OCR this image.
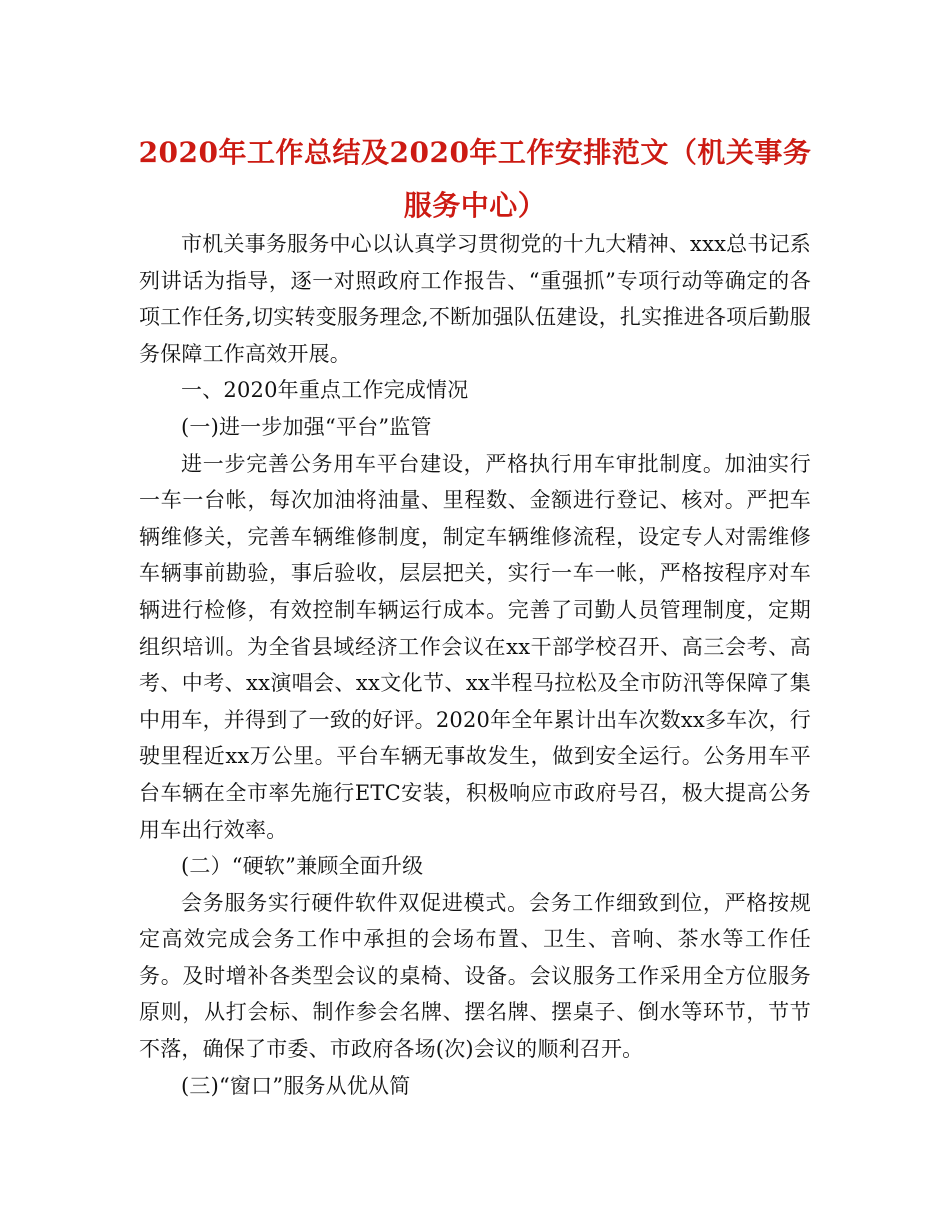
2020年工作总结及2020年工作安排范文（机关事务服务中心）

市机关事务服务中心以认真学习贯彻党的十九大精神、xxx总书记系列讲话为指导，逐一对照政府工作报告、“重强抓”专项行动等确定的各项工作任务,切实转变服务理念,不断加强队伍建设，扎实推进各项后勤服务保障工作高效开展。

一、2020年重点工作完成情况

(一)进一步加强“平台”监管

进一步完善公务用车平台建设，严格执行用车审批制度。加油实行一车一台帐，每次加油将油量、里程数、金额进行登记、核对。严把车辆维修关，完善车辆维修制度，制定车辆维修流程，设定专人对需维修车辆事前勘验，事后验收，层层把关，实行一车一帐，严格按程序对车辆进行检修，有效控制车辆运行成本。完善了司勤人员管理制度，定期组织培训。为全省县域经济工作会议在xx干部学校召开、高三会考、高考、中考、xx演唱会、xx文化节、xx半程马拉松及全市防汛等保障了集中用车，并得到了一致的好评。2020年全年累计出车次数xx多车次，行驶里程近xx万公里。平台车辆无事故发生，做到安全运行。公务用车平台车辆在全市率先施行ETC安装，积极响应市政府号召，极大提高公务用车出行效率。

(二）“硬软”兼顾全面升级

会务服务实行硬件软件双促进模式。会务工作细致到位，严格按规定高效完成会务工作中承担的会场布置、卫生、音响、茶水等工作任务。及时增补各类型会议的桌椅、设备。会议服务工作采用全方位服务原则，从打会标、制作参会名牌、摆名牌、摆桌子、倒水等环节，节节不落，确保了市委、市政府各场(次)会议的顺利召开。

(三)“窗口”服务从优从简
